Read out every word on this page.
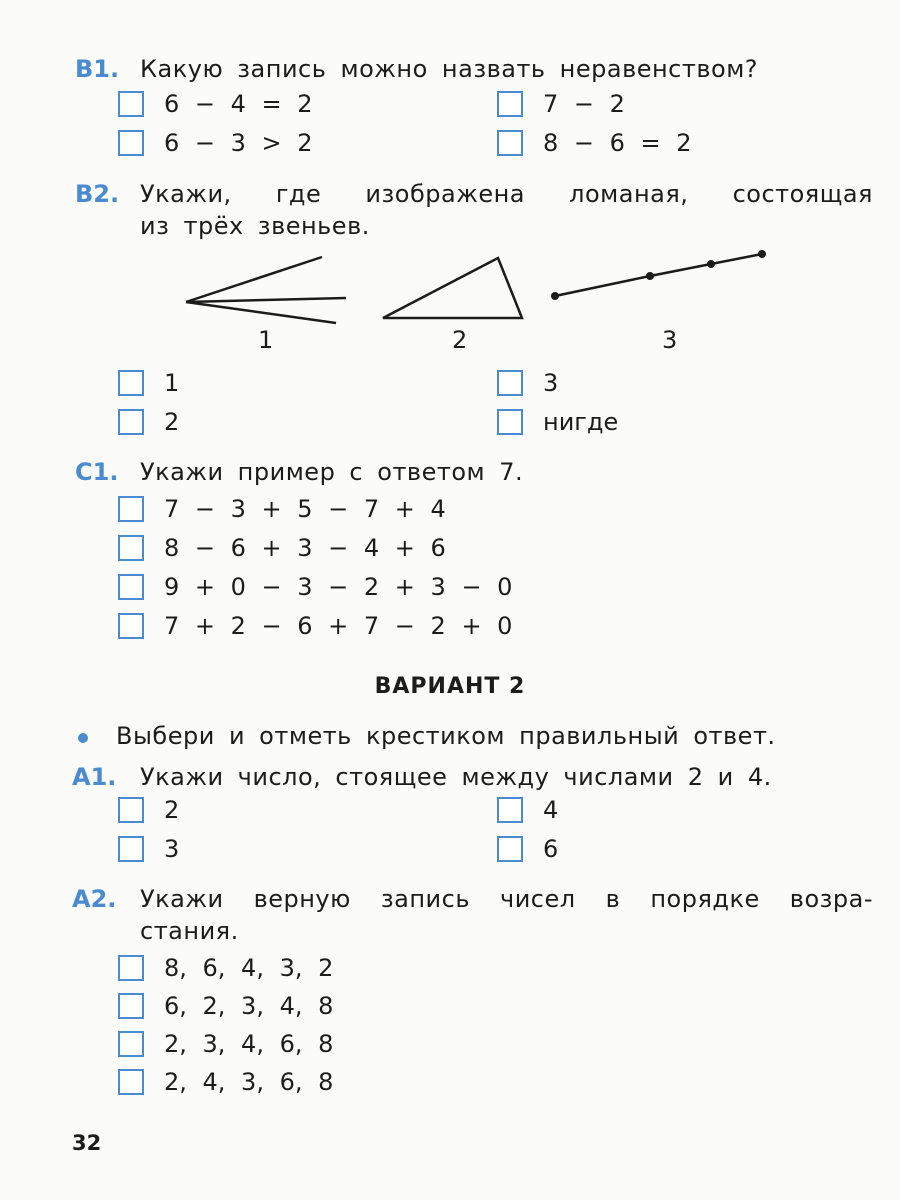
B1. Какую запись можно назвать неравенством?
6 − 4 = 2	7 − 2
6 − 3 > 2	8 − 6 = 2
B2. Укажи, где изображена ломаная, состоящая
из трёх звеньев.
1	2	3
1	3
2	нигде
C1. Укажи пример с ответом 7.
7 − 3 + 5 − 7 + 4
8 − 6 + 3 − 4 + 6
9 + 0 − 3 − 2 + 3 − 0
7 + 2 − 6 + 7 − 2 + 0
ВАРИАНТ 2
Выбери и отметь крестиком правильный ответ.
A1. Укажи число, стоящее между числами 2 и 4.
2	4
3	6
A2. Укажи верную запись чисел в порядке возра-
стания.
8, 6, 4, 3, 2
6, 2, 3, 4, 8
2, 3, 4, 6, 8
2, 4, 3, 6, 8
32
